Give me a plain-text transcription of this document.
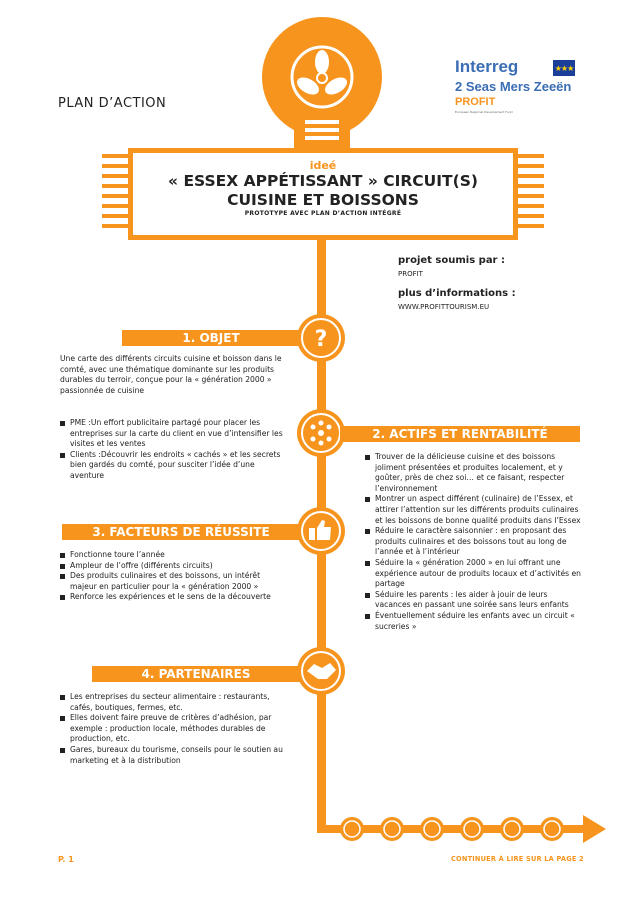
?
PLAN D’ACTION
Interreg	★★★
2 Seas Mers Zeeën
PROFIT
European Regional Development Fund
ideé
« ESSEX APPÉTISSANT » CIRCUIT(S)
CUISINE ET BOISSONS
PROTOTYPE AVEC PLAN D’ACTION INTÉGRÉ
projet soumis par :
PROFIT
plus d’informations :
WWW.PROFITTOURISM.EU
1. OBJET
Une carte des différents circuits cuisine et boisson dans le comté, avec une thématique dominante sur les produits durables du terroir, conçue pour la « génération 2000 » passionnée de cuisine
PME :Un effort publicitaire partagé pour placer les entreprises sur la carte du client en vue d’intensifier les visites et les ventes
Clients :Découvrir les endroits « cachés » et les secrets bien gardés du comté, pour susciter l’idée d’une aventure
2. ACTIFS ET RENTABILITÉ
Trouver de la délicieuse cuisine et des boissons joliment présentées et produites localement, et y goûter, près de chez soi… et ce faisant, respecter l’environnement
Montrer un aspect différent (culinaire) de l’Essex, et attirer l’attention sur les différents produits culinaires et les boissons de bonne qualité produits dans l’Essex
Réduire le caractère saisonnier : en proposant des produits culinaires et des boissons tout au long de l’année et à l’intérieur
Séduire la « génération 2000 » en lui offrant une expérience autour de produits locaux et d’activités en partage
Séduire les parents : les aider à jouir de leurs vacances en passant une soirée sans leurs enfants
Éventuellement séduire les enfants avec un circuit « sucreries »
3. FACTEURS DE RÉUSSITE
Fonctionne toure l’année
Ampleur de l’offre (différents circuits)
Des produits culinaires et des boissons, un intérêt majeur en particulier pour la « génération 2000 »
Renforce les expériences et le sens de la découverte
4. PARTENAIRES
Les entreprises du secteur alimentaire : restaurants, cafés, boutiques, fermes, etc.
Elles doivent faire preuve de critères d’adhésion, par exemple : production locale, méthodes durables de production, etc.
Gares, bureaux du tourisme, conseils pour le soutien au marketing et à la distribution
P. 1	CONTINUER À LIRE SUR LA PAGE 2
